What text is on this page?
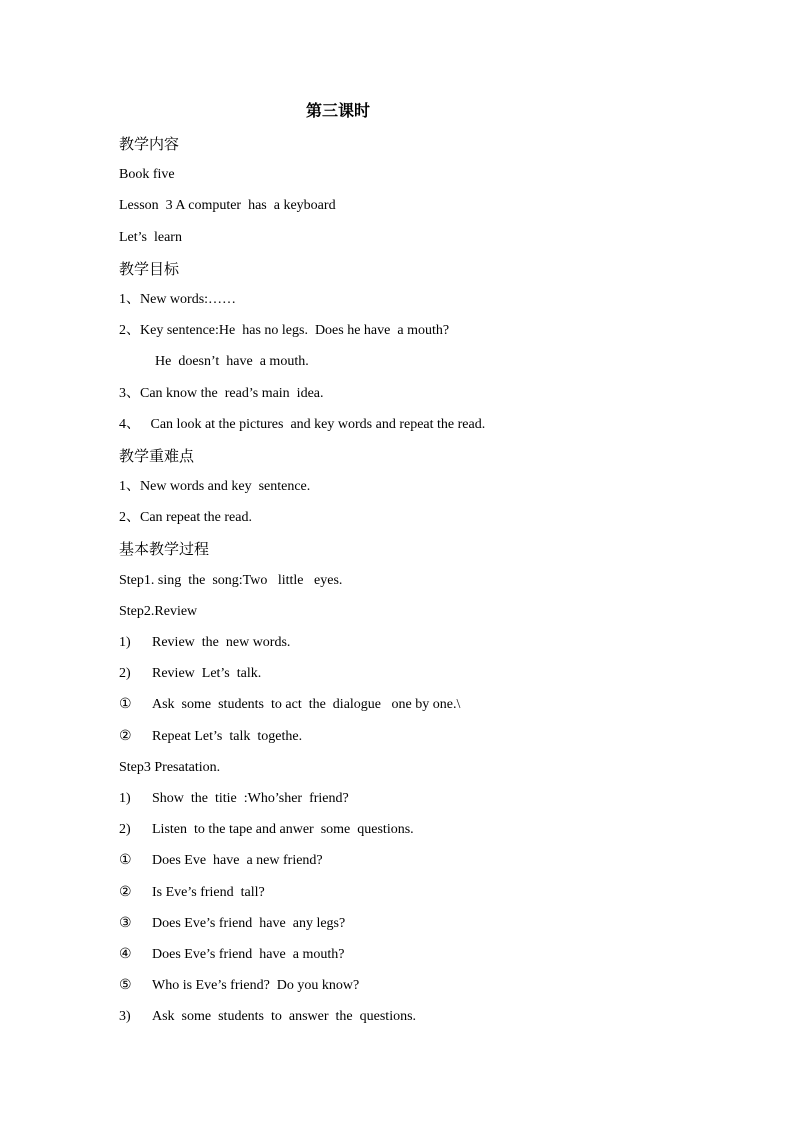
第三课时
教学内容
Book five
Lesson  3 A computer  has  a keyboard
Let’s  learn
教学目标
1、New words:……
2、Key sentence:He  has no legs.  Does he have  a mouth?
He  doesn’t  have  a mouth.
3、Can know the  read’s main  idea.
4、   Can look at the pictures  and key words and repeat the read.
教学重难点
1、New words and key  sentence.
2、Can repeat the read.
基本教学过程
Step1. sing  the  song:Two   little   eyes.
Step2.Review
1) Review  the  new words.
2) Review  Let’s  talk.
① Ask  some  students  to act  the  dialogue   one by one.\
② Repeat Let’s  talk  togethe.
Step3 Presatation.
1) Show  the  titie  :Who’sher  friend?
2) Listen  to the tape and anwer  some  questions.
① Does Eve  have  a new friend?
② Is Eve’s friend  tall?
③ Does Eve’s friend  have  any legs?
④ Does Eve’s friend  have  a mouth?
⑤ Who is Eve’s friend?  Do you know?
3) Ask  some  students  to  answer  the  questions.
